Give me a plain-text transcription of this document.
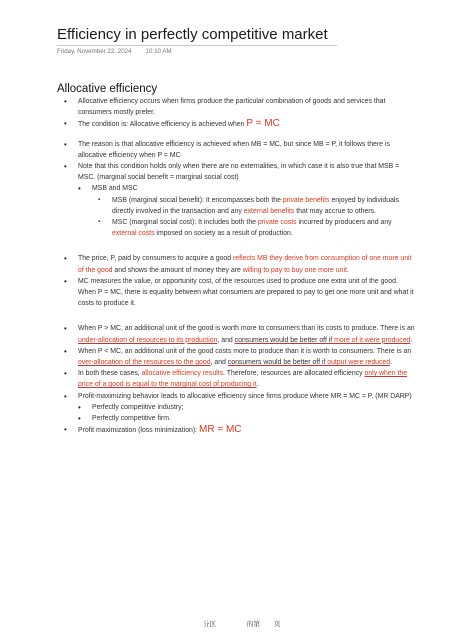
Efficiency in perfectly competitive market
Friday, November 22, 2024 10:10 AM
Allocative efficiency
• Allocative efficiency occurs when firms produce the particular combination of goods and services that consumers mostly prefer.
• The condition is: Allocative efficiency is achieved when P = MC
• The reason is that allocative efficiency is achieved when MB = MC, but since MB = P, it follows there is allocative efficiency when P = MC
• Note that this condition holds only when there are no externalities, in which case it is also true that MSB = MSC. (marginal social benefit = marginal social cost)
• MSB and MSC
▪ MSB (marginal social benefit): It encompasses both the private benefits enjoyed by individuals directly involved in the transaction and any external benefits that may accrue to others.
▪ MSC (marginal social cost): It includes both the private costs incurred by producers and any external costs imposed on society as a result of production.
• The price, P, paid by consumers to acquire a good reflects MB they derive from consumption of one more unit of the good and shows the amount of money they are willing to pay to buy one more unit.
• MC measures the value, or opportunity cost, of the resources used to produce one extra unit of the good. When P = MC, there is equality between what consumers are prepared to pay to get one more unit and what it costs to produce it.
• When P > MC, an additional unit of the good is worth more to consumers than its costs to produce. There is an under-allocation of resources to its production, and consumers would be better off if more of it were produced.
• When P < MC, an additional unit of the good costs more to produce than it is worth to consumers. There is an over-allocation of the resources to the good, and consumers would be better off if output were reduced.
• In both these cases, allocative efficiency results. Therefore, resources are allocated efficiency only when the price of a good is equal to the marginal cost of producing it.
• Profit-maximizing behavior leads to allocative efficiency since firms produce where MR = MC = P. (MR DARP)
• Perfectly competitive industry;
• Perfectly competitive firm.
• Profit maximization (loss minimization): MR = MC
分区	的第 页
